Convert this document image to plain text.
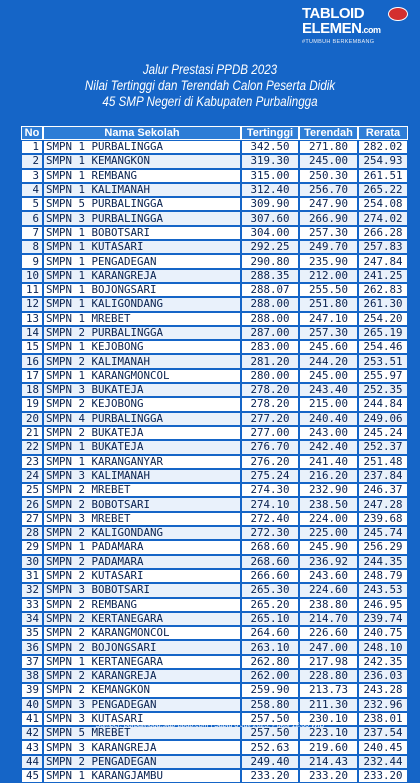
TABLOID
ELEMEN.com
#TUMBUH BERKEMBANG
Jalur Prestasi PPDB 2023
Nilai Tertinggi dan Terendah Calon Peserta Didik
45 SMP Negeri di Kabupaten Purbalingga
No	Nama Sekolah	Tertinggi	Terendah	Rerata
1	SMPN 1 PURBALINGGA	342.50	271.80	282.02
2	SMPN 1 KEMANGKON	319.30	245.00	254.93
3	SMPN 1 REMBANG	315.00	250.30	261.51
4	SMPN 1 KALIMANAH	312.40	256.70	265.22
5	SMPN 5 PURBALINGGA	309.90	247.90	254.08
6	SMPN 3 PURBALINGGA	307.60	266.90	274.02
7	SMPN 1 BOBOTSARI	304.00	257.30	266.28
8	SMPN 1 KUTASARI	292.25	249.70	257.83
9	SMPN 1 PENGADEGAN	290.80	235.90	247.84
10	SMPN 1 KARANGREJA	288.35	212.00	241.25
11	SMPN 1 BOJONGSARI	288.07	255.50	262.83
12	SMPN 1 KALIGONDANG	288.00	251.80	261.30
13	SMPN 1 MREBET	288.00	247.10	254.20
14	SMPN 2 PURBALINGGA	287.00	257.30	265.19
15	SMPN 1 KEJOBONG	283.00	245.60	254.46
16	SMPN 2 KALIMANAH	281.20	244.20	253.51
17	SMPN 1 KARANGMONCOL	280.00	245.00	255.97
18	SMPN 3 BUKATEJA	278.20	243.40	252.35
19	SMPN 2 KEJOBONG	278.20	215.00	244.84
20	SMPN 4 PURBALINGGA	277.20	240.40	249.06
21	SMPN 2 BUKATEJA	277.00	243.00	245.24
22	SMPN 1 BUKATEJA	276.70	242.40	252.37
23	SMPN 1 KARANGANYAR	276.20	241.40	251.48
24	SMPN 3 KALIMANAH	275.24	216.20	237.84
25	SMPN 2 MREBET	274.30	232.90	246.37
26	SMPN 2 BOBOTSARI	274.10	238.50	247.28
27	SMPN 3 MREBET	272.40	224.00	239.68
28	SMPN 2 KALIGONDANG	272.30	225.00	245.74
29	SMPN 1 PADAMARA	268.60	245.90	256.29
30	SMPN 2 PADAMARA	268.60	236.92	244.35
31	SMPN 2 KUTASARI	266.60	243.60	248.79
32	SMPN 3 BOBOTSARI	265.30	224.60	243.53
33	SMPN 2 REMBANG	265.20	238.80	246.95
34	SMPN 2 KERTANEGARA	265.10	214.70	239.74
35	SMPN 2 KARANGMONCOL	264.60	226.60	240.75
36	SMPN 2 BOJONGSARI	263.10	247.00	248.10
37	SMPN 1 KERTANEGARA	262.80	217.98	242.35
38	SMPN 2 KARANGREJA	262.00	228.80	236.03
39	SMPN 2 KEMANGKON	259.90	213.73	243.28
40	SMPN 3 PENGADEGAN	258.80	211.30	232.96
41	SMPN 3 KUTASARI	257.50	230.10	238.01
42	SMPN 5 MREBET	257.50	223.10	237.54
43	SMPN 3 KARANGREJA	252.63	219.60	240.45
44	SMPN 2 PENGADEGAN	249.40	214.43	232.44
45	SMPN 1 KARANGJAMBU	233.20	233.20	233.20
Sumber: purbalingga.siap-ppdb.com | Sabtu 8 Juli 2023, Pukul 12:00 WIB
